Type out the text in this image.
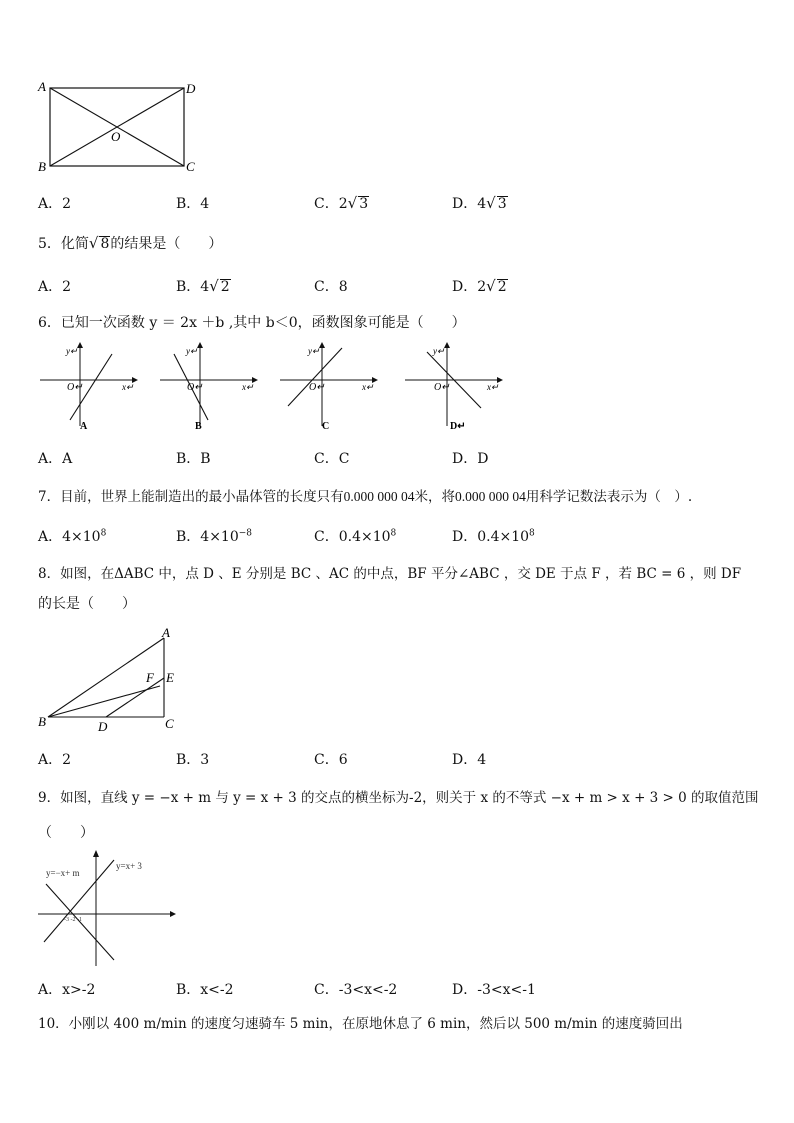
A	D
B	C
O
A．2	B．4	C．2√ 3	D．4√ 3
5．化简√ 8的结果是（　　）
A．2	B．4√ 2	C．8	D．2√ 2
6．已知一次函数 y ＝ 2x ＋b ,其中 b＜0，函数图象可能是（　　）
y↵
x↵
O↵
A
y↵
x↵
O↵
B
y↵
x↵
O↵
C
y↵
x↵
O↵
D↵
A．A	B．B	C．C	D．D
7．目前，世界上能制造出的最小晶体管的长度只有0.000 000 04米，将0.000 000 04用科学记数法表示为（　）.
A．$4\times 10^8$	B．$4\times 10^{-8}$	C．$0.4\times 10^8$	D．$0.4\times 10^8$
8．如图，在ΔABC 中，点 D 、E 分别是 BC 、AC 的中点，BF 平分∠ABC ，交 DE 于点 F ，若 BC = 6 ，则 DF
的长是（　　）
A
B	C
D
E
F
A．2	B．3	C．6	D．4
9．如图，直线 y = −x + m 与 y = x + 3 的交点的横坐标为-2，则关于 x 的不等式 −x + m > x + 3 > 0 的取值范围
（　　）
y=x+ 3
y=−x+ m
-3 -2 -1
A．x>-2	B．x<-2	C．-3<x<-2	D．-3<x<-1
10．小刚以 400 m/min 的速度匀速骑车 5 min，在原地休息了 6 min，然后以 500 m/min 的速度骑回出
